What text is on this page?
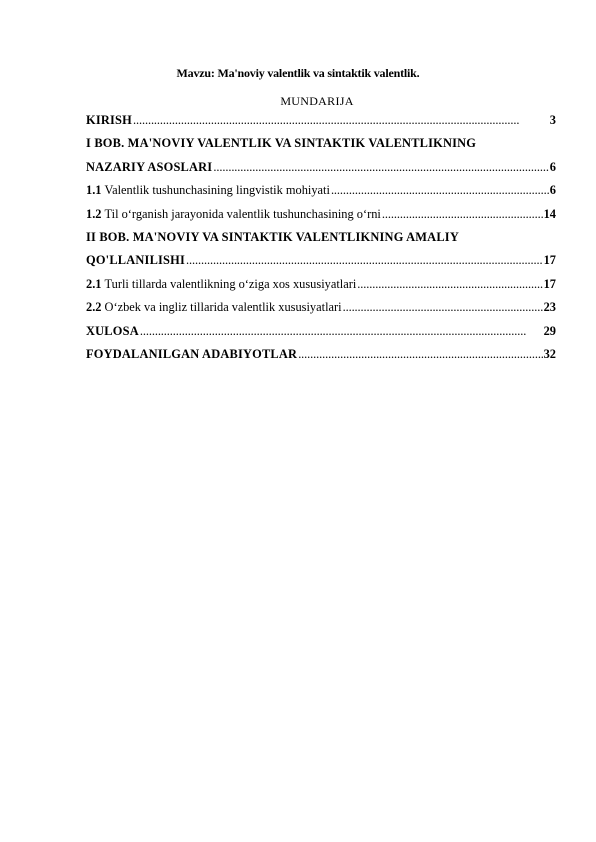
Mavzu: Ma'noviy valentlik va sintaktik valentlik.
MUNDARIJA
KIRISH . . .	3
I BOB. MA'NOVIY VALENTLIK VA SINTAKTIK VALENTLIKNING
NAZARIY ASOSLARI . . .	6
1.1 Valentlik tushunchasining lingvistik mohiyati . . .	6
1.2 Til o‘rganish jarayonida valentlik tushunchasining o‘rni . . .	14
II BOB. MA'NOVIY VA SINTAKTIK VALENTLIKNING AMALIY
QO'LLANILISHI . . .	17
2.1 Turli tillarda valentlikning o‘ziga xos xususiyatlari . . .	17
2.2 O‘zbek va ingliz tillarida valentlik xususiyatlari . . .	23
XULOSA . . .	29
FOYDALANILGAN ADABIYOTLAR . . .	32
